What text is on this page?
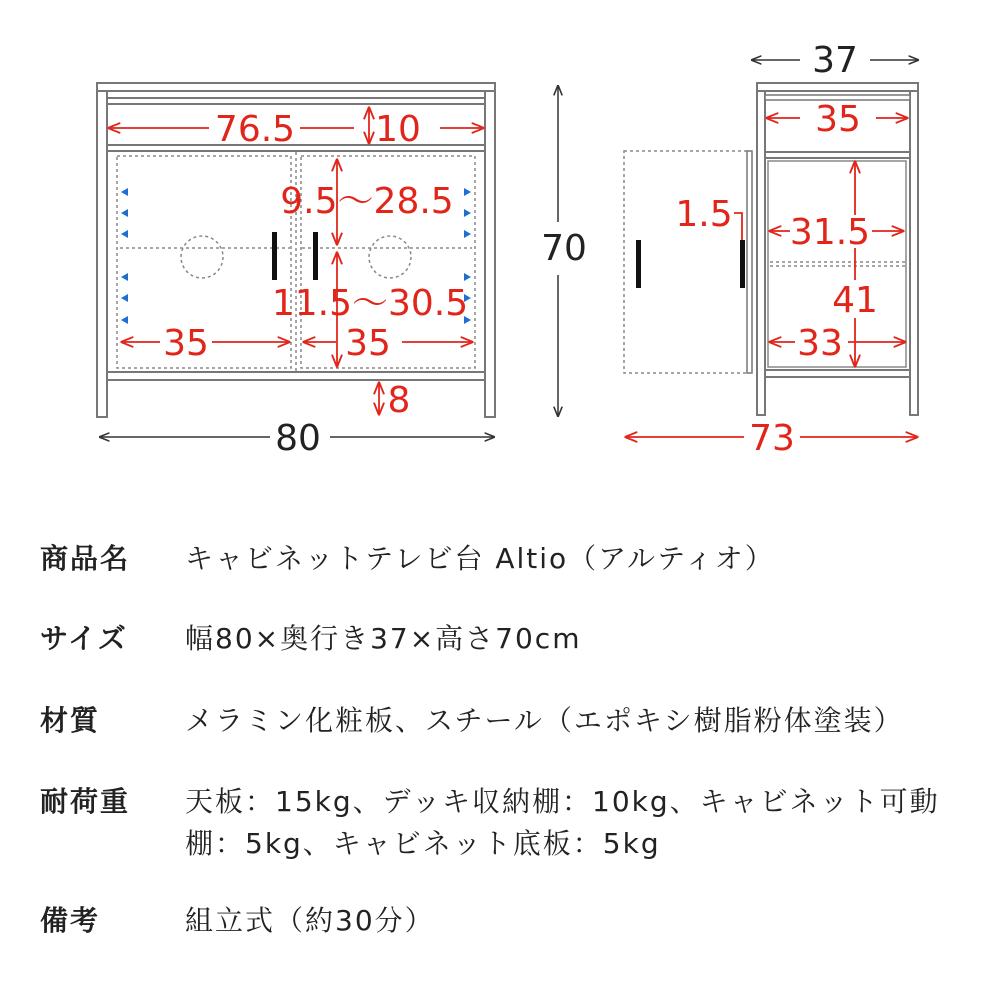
76.5 10
9.5～28.5
11.5～30.5
35	35
8
80
70
37
35
1.5 31.5
41
33
73
商品名	キャビネットテレビ台 Altio（アルティオ）
サイズ	幅80×奥行き37×高さ70cm
材質	メラミン化粧板、スチール（エポキシ樹脂粉体塗装）
耐荷重	天板：15kg、デッキ収納棚：10kg、キャビネット可動
棚：5kg、キャビネット底板：5kg
備考	組立式（約30分）
